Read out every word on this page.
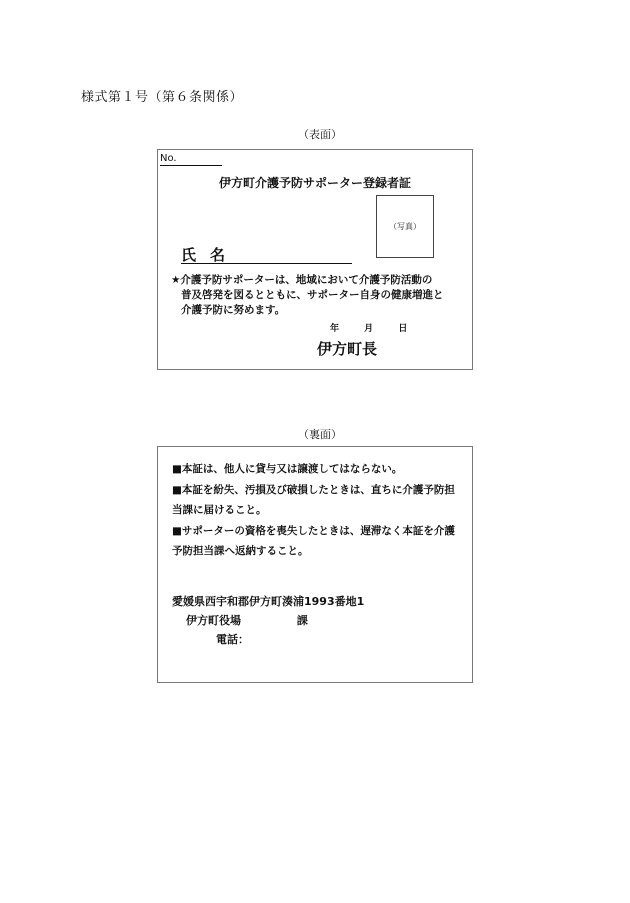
様式第１号（第６条関係）
（表面）
No.
伊方町介護予防サポーター登録者証
（写真）
氏名
★介護予防サポーターは、地域において介護予防活動の
普及啓発を図るとともに、サポーター自身の健康増進と
介護予防に努めます。
年	月	日
伊方町長
（裏面）
■本証は、他人に貸与又は譲渡してはならない。
■本証を紛失、汚損及び破損したときは、直ちに介護予防担
当課に届けること。
■サポーターの資格を喪失したときは、遅滞なく本証を介護
予防担当課へ返納すること。
愛媛県西宇和郡伊方町湊浦1993番地1
伊方町役場	課
電話：
